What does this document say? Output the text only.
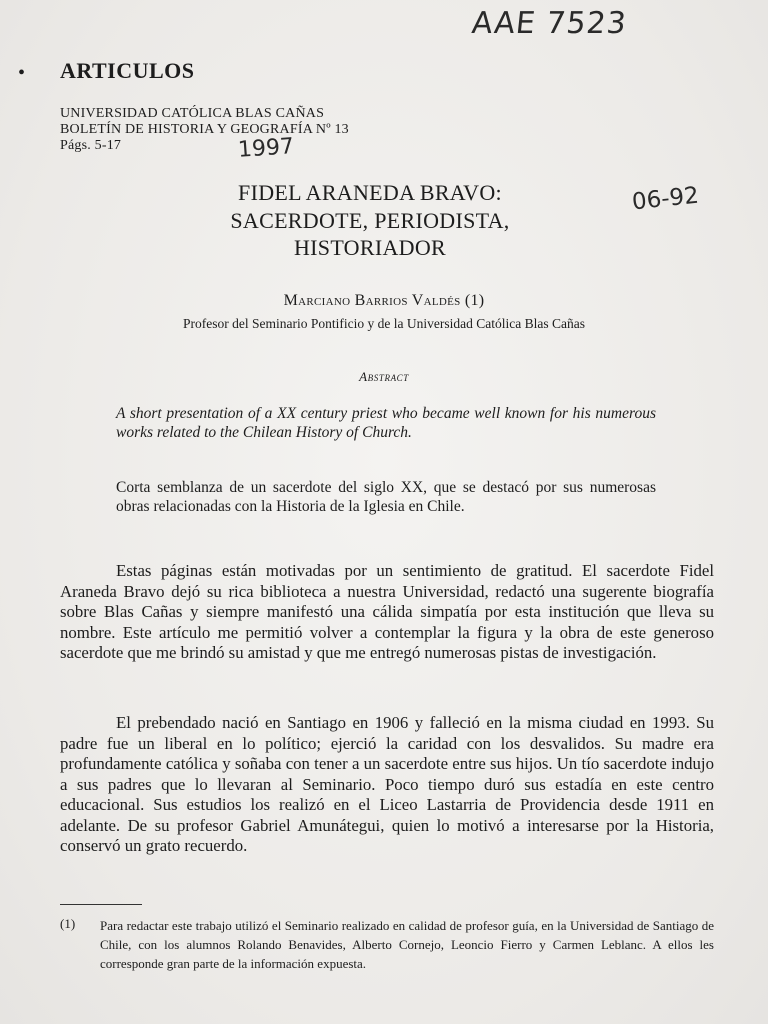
AAE 7523
1997
06-92
• ARTICULOS
UNIVERSIDAD CATÓLICA BLAS CAÑAS
BOLETÍN DE HISTORIA Y GEOGRAFÍA Nº 13
Págs. 5-17
FIDEL ARANEDA BRAVO:
SACERDOTE, PERIODISTA,
HISTORIADOR
Marciano Barrios Valdés (1)
Profesor del Seminario Pontificio y de la Universidad Católica Blas Cañas
Abstract
A short presentation of a XX century priest who became well known for his numerous works related to the Chilean History of Church.
Corta semblanza de un sacerdote del siglo XX, que se destacó por sus numerosas obras relacionadas con la Historia de la Iglesia en Chile.

Estas páginas están motivadas por un sentimiento de gratitud. El sacerdote Fidel Araneda Bravo dejó su rica biblioteca a nuestra Universidad, redactó una sugerente biografía sobre Blas Cañas y siempre manifestó una cálida simpatía por esta institución que lleva su nombre. Este artículo me permitió volver a contemplar la figura y la obra de este generoso sacerdote que me brindó su amistad y que me entregó numerosas pistas de investigación.

El prebendado nació en Santiago en 1906 y falleció en la misma ciudad en 1993. Su padre fue un liberal en lo político; ejerció la caridad con los desvalidos. Su madre era profundamente católica y soñaba con tener a un sacerdote entre sus hijos. Un tío sacerdote indujo a sus padres que lo llevaran al Seminario. Poco tiempo duró sus estadía en este centro educacional. Sus estudios los realizó en el Liceo Lastarria de Providencia desde 1911 en adelante. De su profesor Gabriel Amunátegui, quien lo motivó a interesarse por la Historia, conservó un grato recuerdo.

(1) Para redactar este trabajo utilizó el Seminario realizado en calidad de profesor guía, en la Universidad de Santiago de Chile, con los alumnos Rolando Benavides, Alberto Cornejo, Leoncio Fierro y Carmen Leblanc. A ellos les corresponde gran parte de la información expuesta.
